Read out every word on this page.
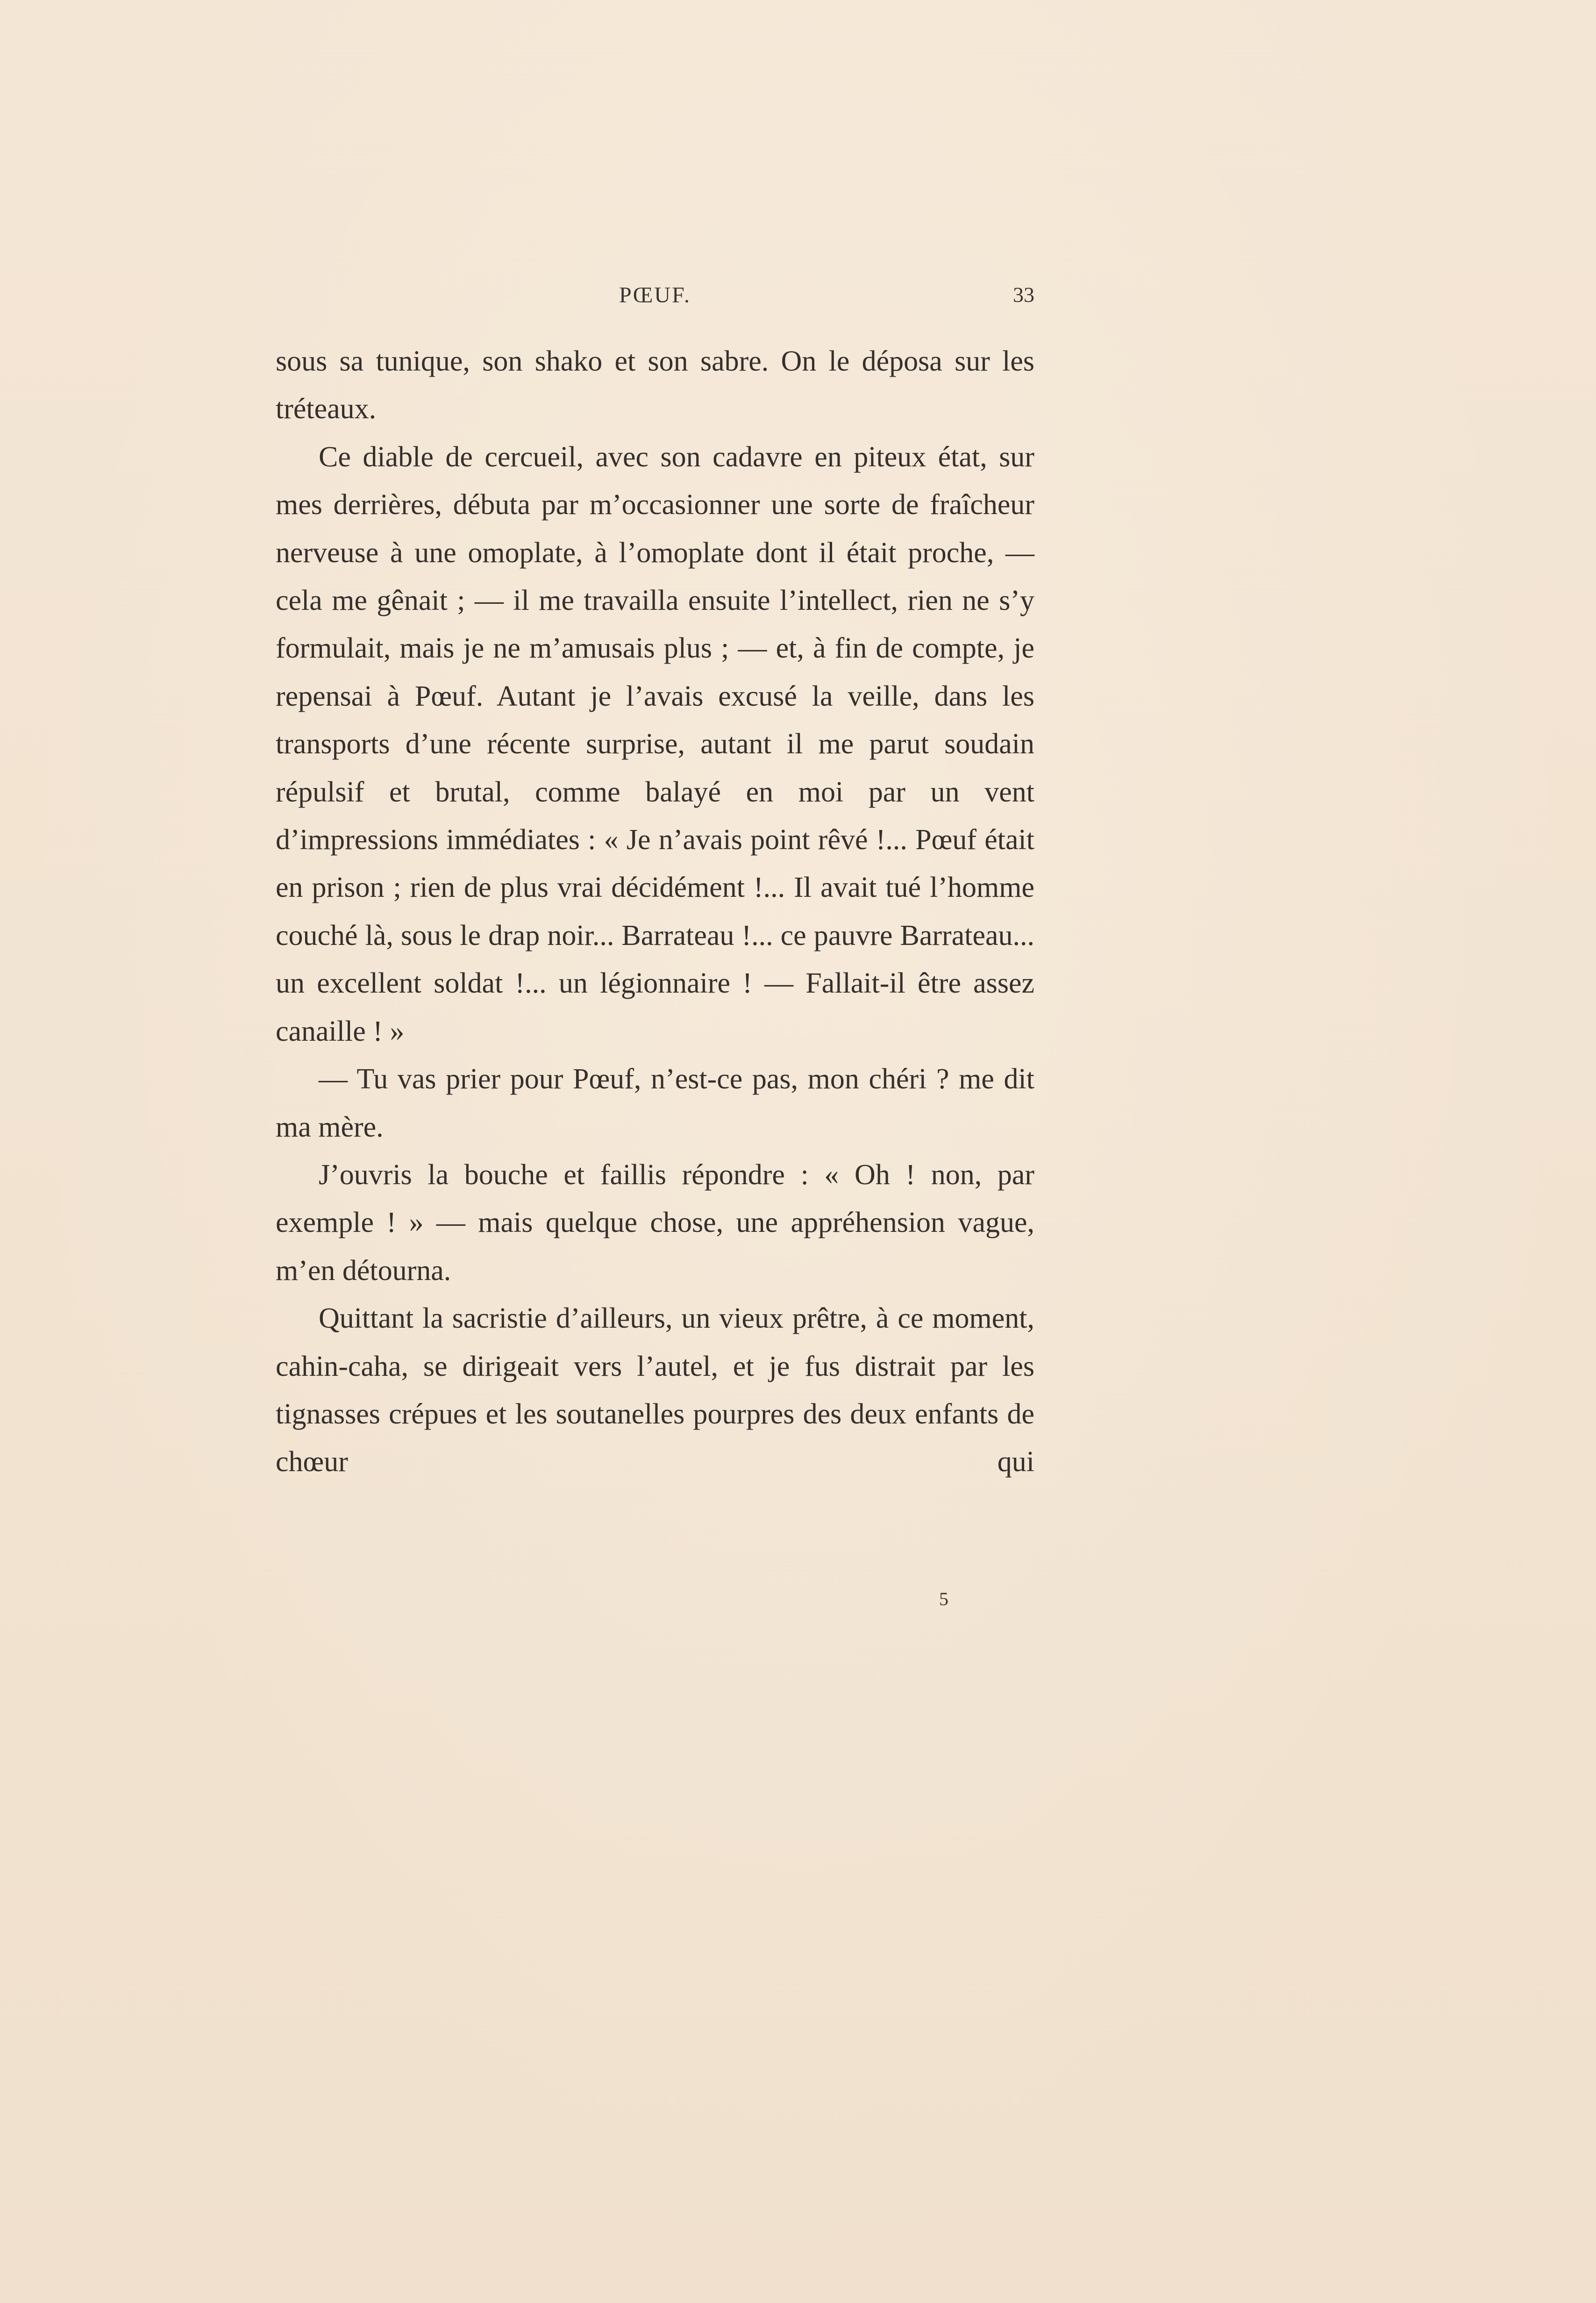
PŒUF.	33

sous sa tunique, son shako et son sabre. On le déposa sur les tréteaux.

Ce diable de cercueil, avec son cadavre en piteux état, sur mes derrières, débuta par m’occasionner une sorte de fraîcheur nerveuse à une omoplate, à l’omoplate dont il était proche, — cela me gênait ; — il me travailla ensuite l’intellect, rien ne s’y formulait, mais je ne m’amusais plus ; — et, à fin de compte, je repensai à Pœuf. Autant je l’avais excusé la veille, dans les transports d’une récente surprise, autant il me parut soudain répulsif et brutal, comme balayé en moi par un vent d’impressions immédiates : « Je n’avais point rêvé !... Pœuf était en prison ; rien de plus vrai décidément !... Il avait tué l’homme couché là, sous le drap noir... Barrateau !... ce pauvre Barrateau... un excellent soldat !... un légionnaire ! — Fallait-il être assez canaille ! »

— Tu vas prier pour Pœuf, n’est-ce pas, mon chéri ? me dit ma mère.

J’ouvris la bouche et faillis répondre : « Oh ! non, par exemple ! » — mais quelque chose, une appréhension vague, m’en détourna.

Quittant la sacristie d’ailleurs, un vieux prêtre, à ce moment, cahin-caha, se dirigeait vers l’autel, et je fus distrait par les tignasses crépues et les soutanelles pourpres des deux enfants de chœur qui

5
